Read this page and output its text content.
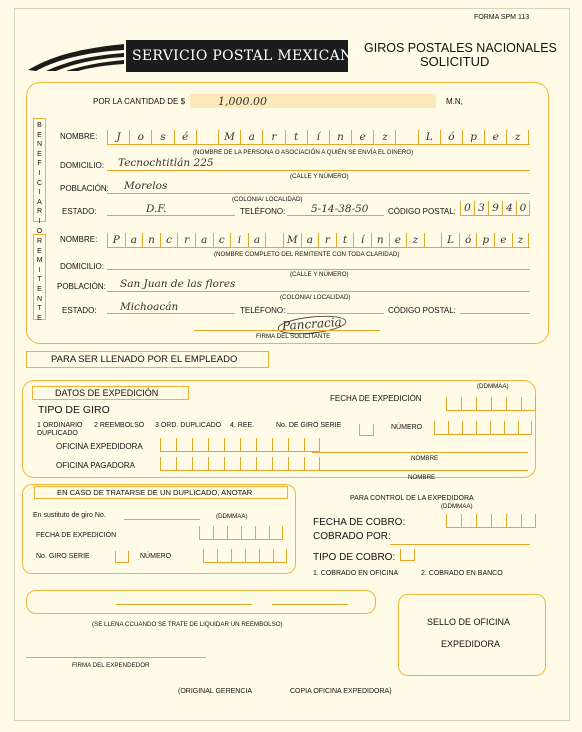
FORMA SPM 113
SERVICIO POSTAL MEXICANO GIROS POSTALES NACIONALES
SOLICITUD
POR LA CANTIDAD DE $	1,000.00	M.N,
B
E
N
E
F
I
C
I
A
R
I
O
NOMBRE:	J	o	s	é	M	a	r	t	í	n	e	z	L	ó	p	e	z
(NOMBRE DE LA PERSONA O ASOCIACIÓN A QUIÉN SE ENVÍA EL DINERO)
DOMICILIO: Tecnochtitlán 225
(CALLE Y NÚMERO)
POBLACIÓN: Morelos
(COLONIA/ LOCALIDAD)
ESTADO:	D.F.	TELÉFONO: 5-14-38-50 CÓDIGO POSTAL: 0 3 9 4 0
R
E
M
I
T
E
N
T
E
NOMBRE:	P	a	n	c	r	a	c	i	a	M a	r	t	í	n	e	z	L	ó	p	e	z
(NOMBRE COMPLETO DEL REMITENTE CON TODA CLARIDAD)
DOMICILIO:
(CALLE Y NÚMERO)
POBLACIÓN: San Juan de las flores
(COLONIA/ LOCALIDAD)
ESTADO: Michoacán	TELÉFONO:	CÓDIGO POSTAL:
Pancracia
FIRMA DEL SOLICITANTE
PARA SER LLENADO POR EL EMPLEADO
DATOS DE EXPEDICIÓN
(DDMMAA)
FECHA DE EXPEDICIÓN
TIPO DE GIRO
1 ORDINARIO
DUPLICADO
2 REEMBOLSO 3 ORD. DUPLICADO 4. REE.	No. DE GIRO SERIE	NÚMERO
OFICINA EXPEDIDORA
NOMBRE
OFICINA PAGADORA
NOMBRE
EN CASO DE TRATARSE DE UN DUPLICADO, ANOTAR
En sustituto de giro No.	(DDMMAA)
FECHA DE EXPEDICIÓN
No. GIRO SERIE	NÚMERO
PARA CONTROL DE LA EXPEDIDORA
(DDMMAA)
FECHA DE COBRO:
COBRADO POR:
TIPO DE COBRO:
1. COBRADO EN OFICINA	2. COBRADO EN BANCO
(SE LLENA CCUANDO SE TRATE DE LIQUIDAR UN REEMBOLSO)	SELLO DE OFICINA
EXPEDIDORA
FIRMA DEL EXPENDEDOR
(ORIGINAL GERENCIA	COPIA OFICINA EXPEDIDORA)
